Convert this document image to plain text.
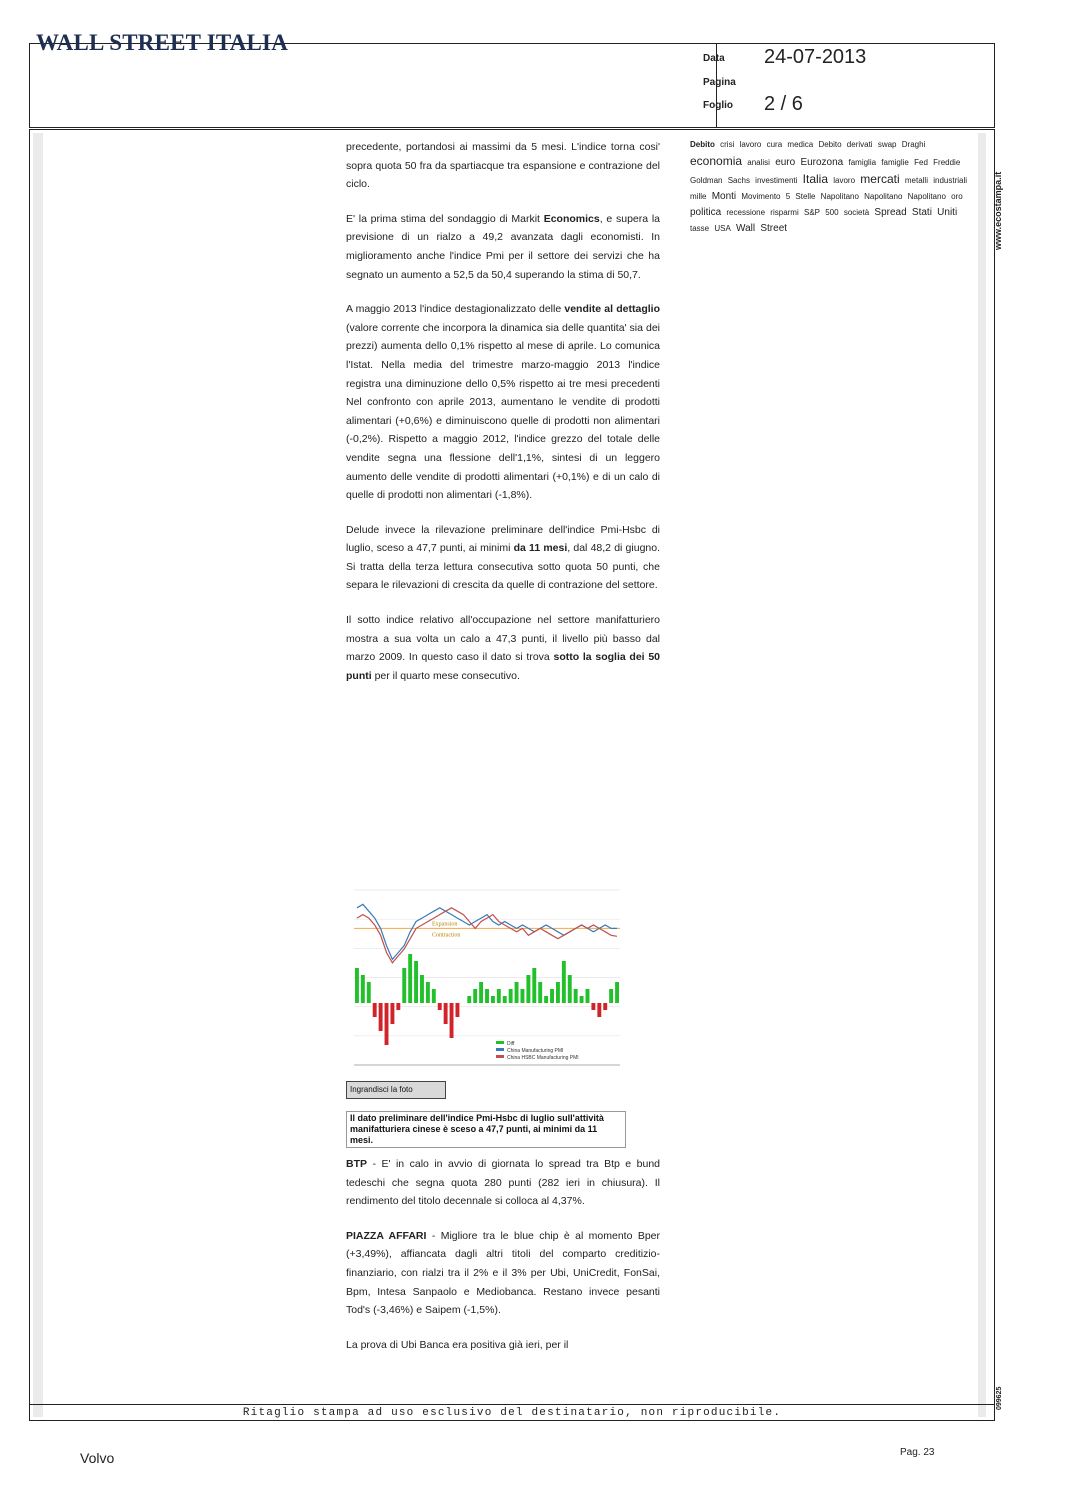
WALL STREET ITALIA
Data 24-07-2013
Pagina
Foglio 2 / 6

precedente, portandosi ai massimi da 5 mesi. L'indice torna cosi' sopra quota 50 fra da spartiacque tra espansione e contrazione del ciclo.

E' la prima stima del sondaggio di Markit Economics, e supera la previsione di un rialzo a 49,2 avanzata dagli economisti. In miglioramento anche l'indice Pmi per il settore dei servizi che ha segnato un aumento a 52,5 da 50,4 superando la stima di 50,7.

A maggio 2013 l'indice destagionalizzato delle vendite al dettaglio (valore corrente che incorpora la dinamica sia delle quantita' sia dei prezzi) aumenta dello 0,1% rispetto al mese di aprile. Lo comunica l'Istat. Nella media del trimestre marzo-maggio 2013 l'indice registra una diminuzione dello 0,5% rispetto ai tre mesi precedenti Nel confronto con aprile 2013, aumentano le vendite di prodotti alimentari (+0,6%) e diminuiscono quelle di prodotti non alimentari (-0,2%). Rispetto a maggio 2012, l'indice grezzo del totale delle vendite segna una flessione dell'1,1%, sintesi di un leggero aumento delle vendite di prodotti alimentari (+0,1%) e di un calo di quelle di prodotti non alimentari (-1,8%).

Delude invece la rilevazione preliminare dell'indice Pmi-Hsbc di luglio, sceso a 47,7 punti, ai minimi da 11 mesi, dal 48,2 di giugno. Si tratta della terza lettura consecutiva sotto quota 50 punti, che separa le rilevazioni di crescita da quelle di contrazione del settore.

Il sotto indice relativo all'occupazione nel settore manifatturiero mostra a sua volta un calo a 47,3 punti, il livello più basso dal marzo 2009. In questo caso il dato si trova sotto la soglia dei 50 punti per il quarto mese consecutivo.

Expansion
Contraction
Diff
China Manufacturing PMI
China HSBC Manufacturing PMI
Ingrandisci la foto
Il dato preliminare dell'indice Pmi-Hsbc di luglio sull'attività manifatturiera cinese è sceso a 47,7 punti, ai minimi da 11 mesi.

BTP - E' in calo in avvio di giornata lo spread tra Btp e bund tedeschi che segna quota 280 punti (282 ieri in chiusura). Il rendimento del titolo decennale si colloca al 4,37%.

PIAZZA AFFARI - Migliore tra le blue chip è al momento Bper (+3,49%), affiancata dagli altri titoli del comparto creditizio-finanziario, con rialzi tra il 2% e il 3% per Ubi, UniCredit, FonSai, Bpm, Intesa Sanpaolo e Mediobanca. Restano invece pesanti Tod's (-3,46%) e Saipem (-1,5%).

La prova di Ubi Banca era positiva già ieri, per il

Debito crisi lavoro cura medica Debito derivati swap Draghi economia analisi euro Eurozona famiglia famiglie Fed Freddie Goldman Sachs investimenti Italia lavoro mercati metalli industriali mille Monti Movimento 5 Stelle Napolitano Napolitano Napolitano oro politica recessione risparmi S&P 500 società Spread Stati Uniti tasse USA Wall Street	www.ecostampa.it
099625
Ritaglio stampa ad uso esclusivo del destinatario, non riproducibile.
Volvo	Pag. 23
